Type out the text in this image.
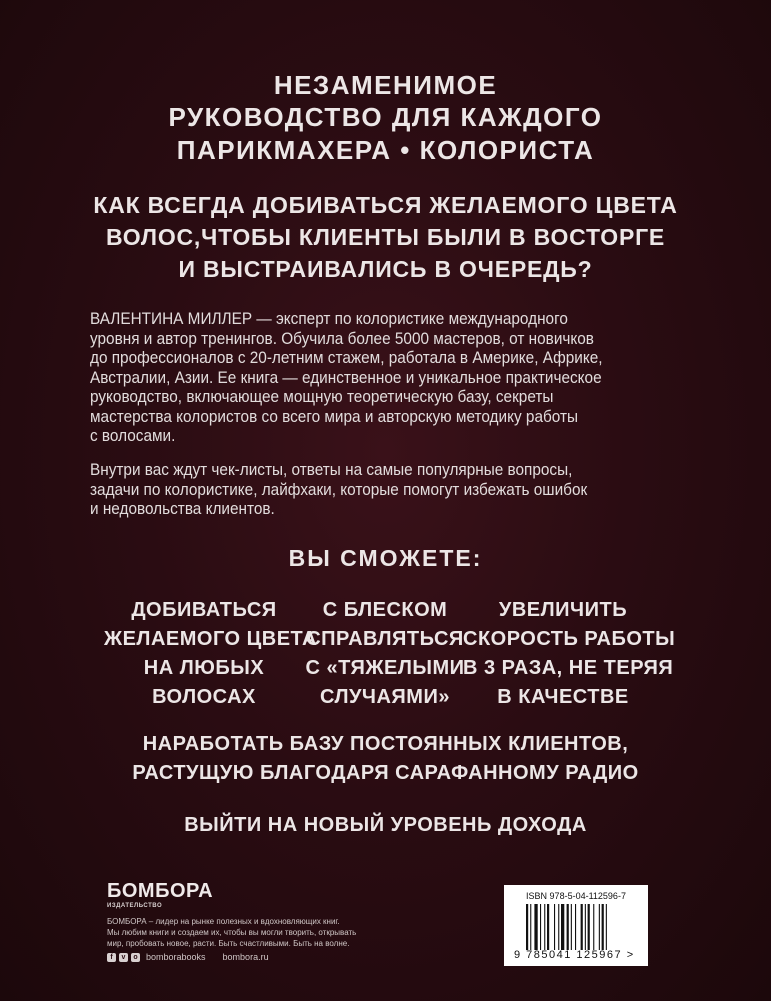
НЕЗАМЕНИМОЕ
РУКОВОДСТВО ДЛЯ КАЖДОГО
ПАРИКМАХЕРА • КОЛОРИСТА
КАК ВСЕГДА ДОБИВАТЬСЯ ЖЕЛАЕМОГО ЦВЕТА
ВОЛОС,ЧТОБЫ КЛИЕНТЫ БЫЛИ В ВОСТОРГЕ
И ВЫСТРАИВАЛИСЬ В ОЧЕРЕДЬ?
ВАЛЕНТИНА МИЛЛЕР — эксперт по колористике международного
уровня и автор тренингов. Обучила более 5000 мастеров, от новичков
до профессионалов с 20-летним стажем, работала в Америке, Африке,
Австралии, Азии. Ее книга — единственное и уникальное практическое
руководство, включающее мощную теоретическую базу, секреты
мастерства колористов со всего мира и авторскую методику работы
с волосами.
Внутри вас ждут чек-листы, ответы на самые популярные вопросы,
задачи по колористике, лайфхаки, которые помогут избежать ошибок
и недовольства клиентов.
ВЫ СМОЖЕТЕ:
ДОБИВАТЬСЯ
ЖЕЛАЕМОГО ЦВЕТА
НА ЛЮБЫХ
ВОЛОСАХ
С БЛЕСКОМ
СПРАВЛЯТЬСЯ
С «ТЯЖЕЛЫМИ
СЛУЧАЯМИ»
УВЕЛИЧИТЬ
СКОРОСТЬ РАБОТЫ
В 3 РАЗА, НЕ ТЕРЯЯ
В КАЧЕСТВЕ
НАРАБОТАТЬ БАЗУ ПОСТОЯННЫХ КЛИЕНТОВ,
РАСТУЩУЮ БЛАГОДАРЯ САРАФАННОМУ РАДИО
ВЫЙТИ НА НОВЫЙ УРОВЕНЬ ДОХОДА
БОМБОРА
ИЗДАТЕЛЬСТВО
БОМБОРА – лидер на рынке полезных и вдохновляющих книг.
Мы любим книги и создаем их, чтобы вы могли творить, открывать
мир, пробовать новое, расти. Быть счастливыми. Быть на волне.
f	v	o bomborabooks bombora.ru
ISBN 978-5-04-112596-7
9 785041 125967 >
